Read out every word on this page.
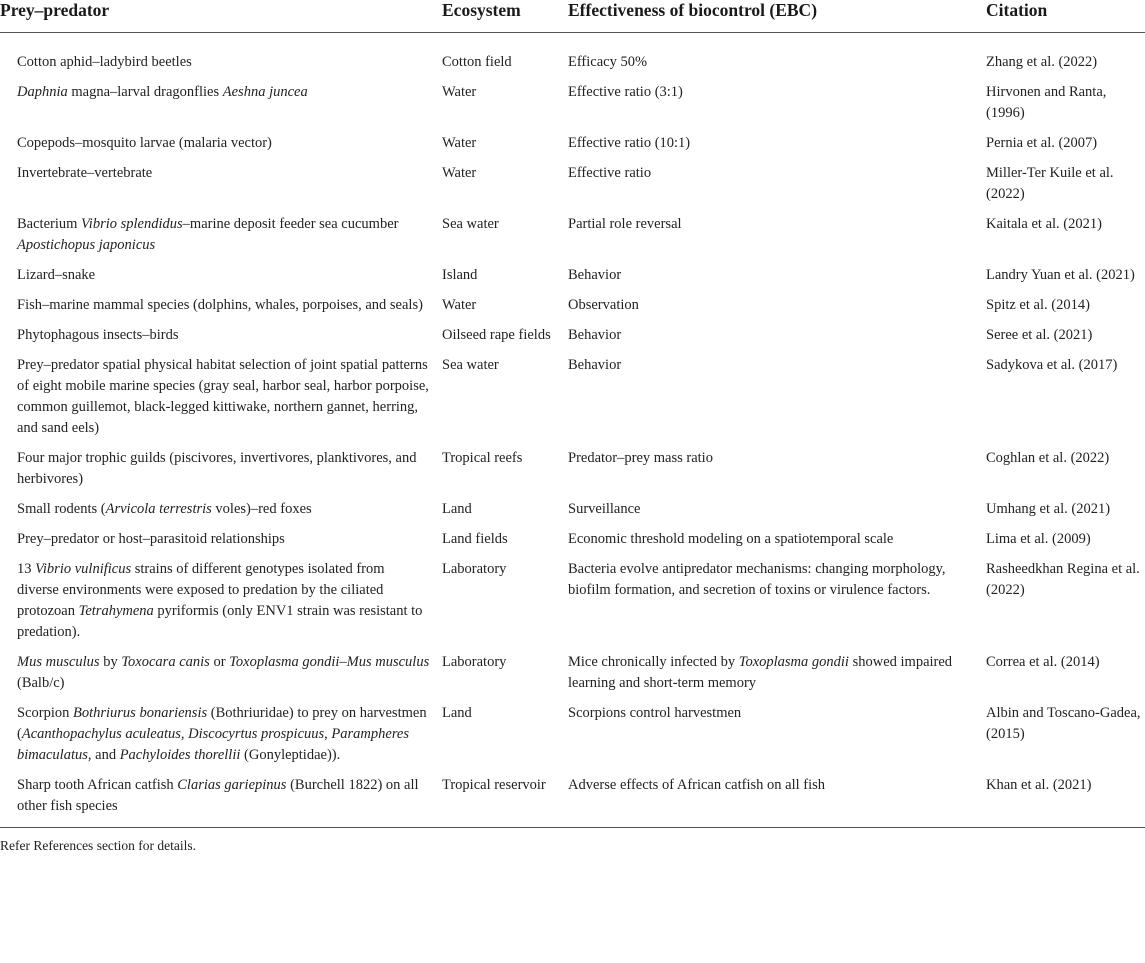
Prey–predator	Ecosystem	Effectiveness of biocontrol (EBC)	Citation
Cotton aphid–ladybird beetles	Cotton field	Efficacy 50%	Zhang et al. (2022)
Daphnia magna–larval dragonflies Aeshna juncea	Water	Effective ratio (3:1)	Hirvonen and Ranta, (1996)
Copepods–mosquito larvae (malaria vector)	Water	Effective ratio (10:1)	Pernia et al. (2007)
Invertebrate–vertebrate	Water	Effective ratio	Miller-Ter Kuile et al. (2022)
Bacterium Vibrio splendidus–marine deposit feeder sea cucumber Apostichopus japonicus	Sea water	Partial role reversal	Kaitala et al. (2021)
Lizard–snake	Island	Behavior	Landry Yuan et al. (2021)
Fish–marine mammal species (dolphins, whales, porpoises, and seals)	Water	Observation	Spitz et al. (2014)
Phytophagous insects–birds	Oilseed rape fields	Behavior	Seree et al. (2021)
Prey–predator spatial physical habitat selection of joint spatial patterns of eight mobile marine species (gray seal, harbor seal, harbor porpoise, common guillemot, black-legged kittiwake, northern gannet, herring, and sand eels)	Sea water	Behavior	Sadykova et al. (2017)
Four major trophic guilds (piscivores, invertivores, planktivores, and herbivores)	Tropical reefs	Predator–prey mass ratio	Coghlan et al. (2022)
Small rodents (Arvicola terrestris voles)–red foxes	Land	Surveillance	Umhang et al. (2021)
Prey–predator or host–parasitoid relationships	Land fields	Economic threshold modeling on a spatiotemporal scale	Lima et al. (2009)
13 Vibrio vulnificus strains of different genotypes isolated from diverse environments were exposed to predation by the ciliated protozoan Tetrahymena pyriformis (only ENV1 strain was resistant to predation).	Laboratory	Bacteria evolve antipredator mechanisms: changing morphology, biofilm formation, and secretion of toxins or virulence factors.	Rasheedkhan Regina et al. (2022)
Mus musculus by Toxocara canis or Toxoplasma gondii–Mus musculus (Balb/c)	Laboratory	Mice chronically infected by Toxoplasma gondii showed impaired learning and short-term memory	Correa et al. (2014)
Scorpion Bothriurus bonariensis (Bothriuridae) to prey on harvestmen (Acanthopachylus aculeatus, Discocyrtus prospicuus, Parampheres bimaculatus, and Pachyloides thorellii (Gonyleptidae)).	Land	Scorpions control harvestmen	Albin and Toscano-Gadea, (2015)
Sharp tooth African catfish Clarias gariepinus (Burchell 1822) on all other fish species	Tropical reservoir	Adverse effects of African catfish on all fish	Khan et al. (2021)
Refer References section for details.
